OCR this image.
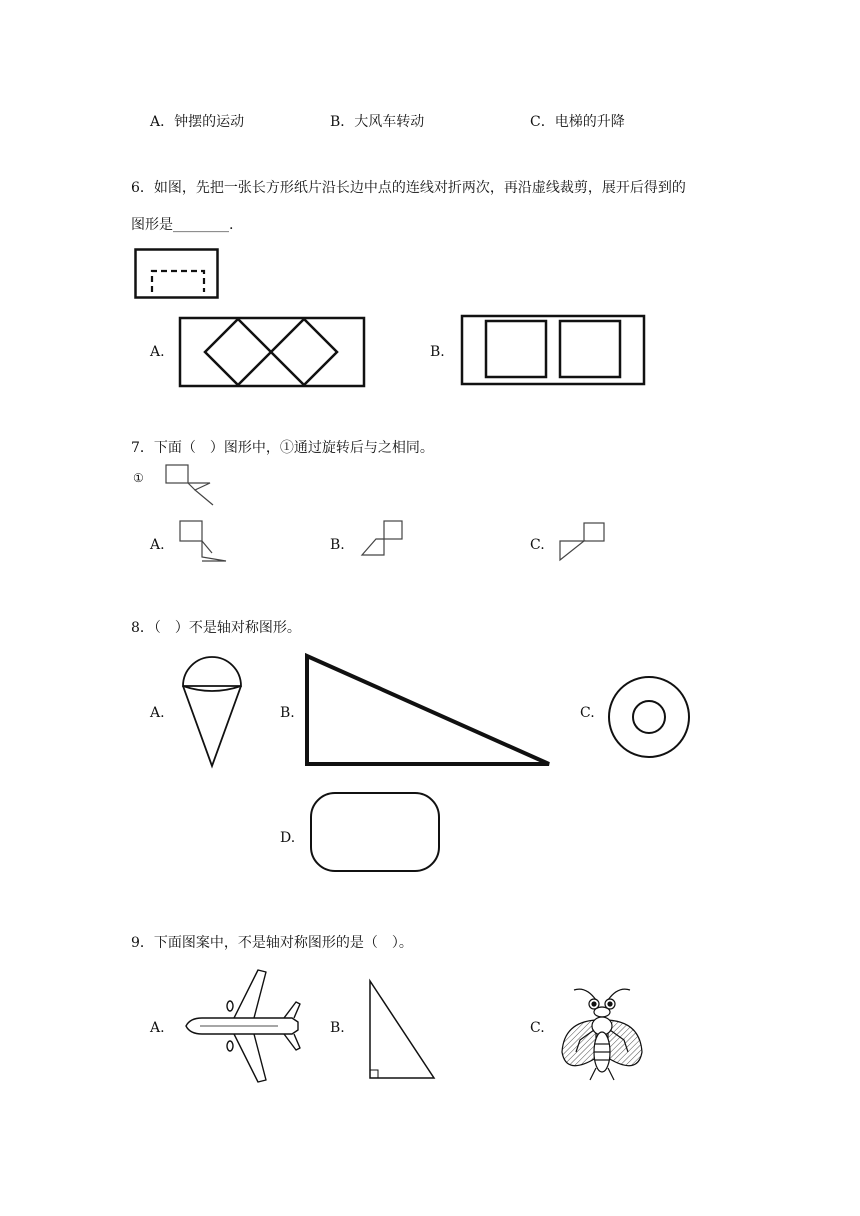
A．钟摆的运动	B．大风车转动	C．电梯的升降
6．如图，先把一张长方形纸片沿长边中点的连线对折两次，再沿虚线裁剪，展开后得到的
图形是________.
A.	B.
7．下面（　）图形中，①通过旋转后与之相同。
①
A.	B.	C.
8．（　）不是轴对称图形。
A.	B.	C.
D.
9．下面图案中，不是轴对称图形的是（　）。
A.	B.	C.
